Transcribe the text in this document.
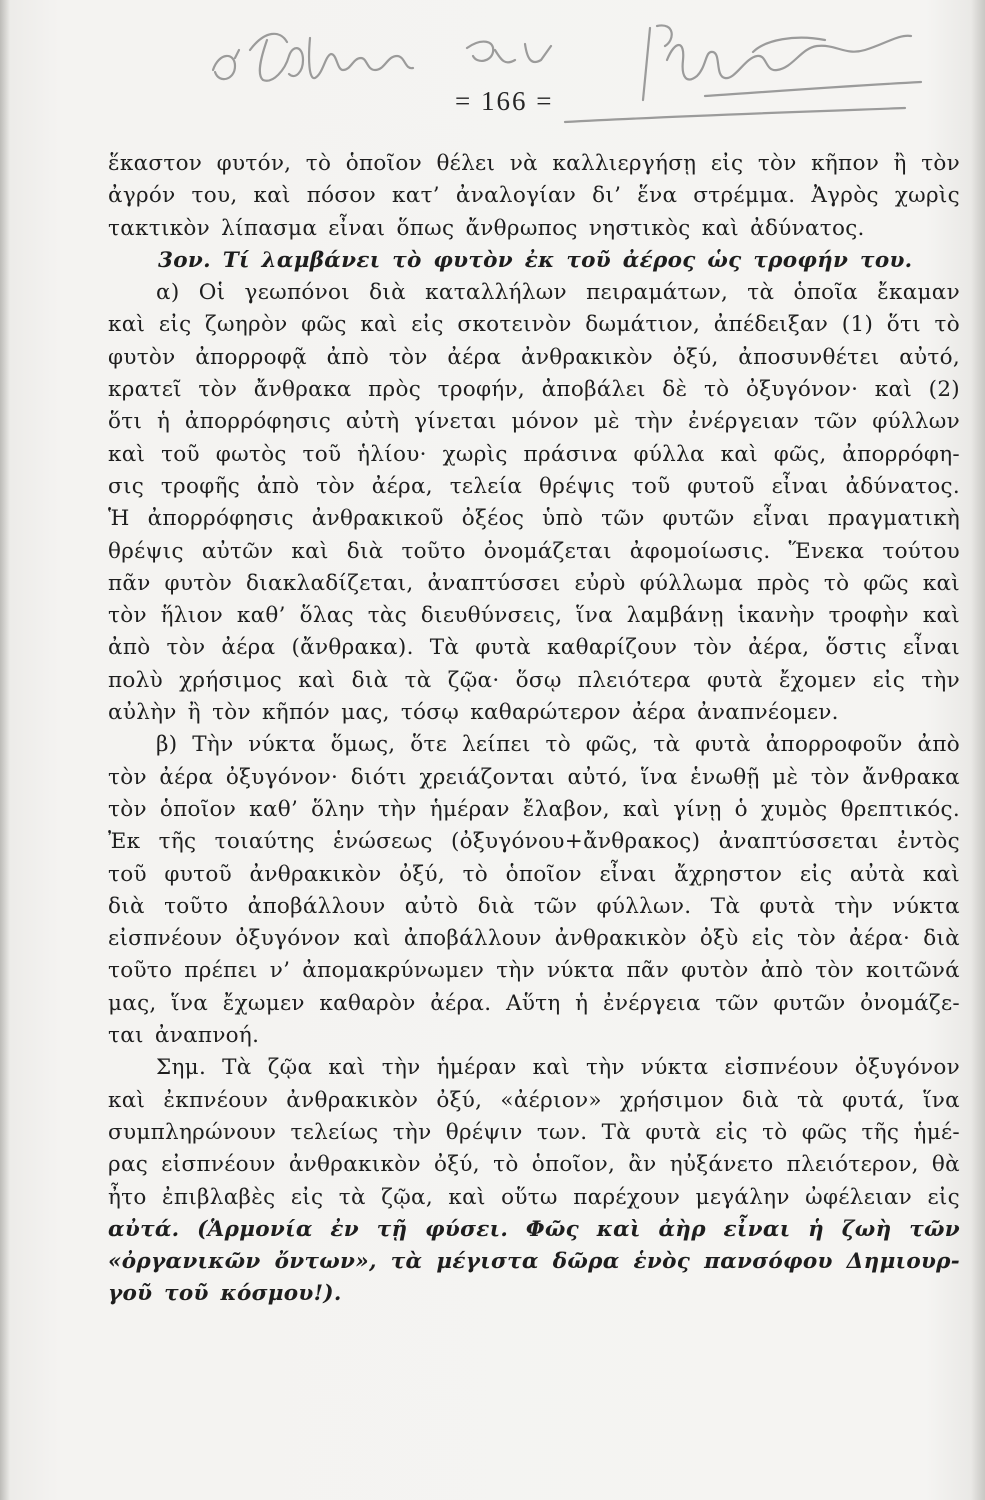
= 166 =
ἕκαστον φυτόν, τὸ ὁποῖον θέλει νὰ καλλιεργήσῃ εἰς τὸν κῆπον ἢ τὸν
ἀγρόν του, καὶ πόσον κατ’ ἀναλογίαν δι’ ἕνα στρέμμα. Ἀγρὸς χωρὶς
τακτικὸν λίπασμα εἶναι ὅπως ἄνθρωπος νηστικὸς καὶ ἀδύνατος.
3ον. Τί λαμβάνει τὸ φυτὸν ἐκ τοῦ ἀέρος ὡς τροφήν του.
α) Οἱ γεωπόνοι διὰ καταλλήλων πειραμάτων, τὰ ὁποῖα ἔκαμαν
καὶ εἰς ζωηρὸν φῶς καὶ εἰς σκοτεινὸν δωμάτιον, ἀπέδειξαν (1) ὅτι τὸ
φυτὸν ἀπορροφᾷ ἀπὸ τὸν ἀέρα ἀνθρακικὸν ὀξύ, ἀποσυνθέτει αὐτό,
κρατεῖ τὸν ἄνθρακα πρὸς τροφήν, ἀποβάλει δὲ τὸ ὀξυγόνον· καὶ (2)
ὅτι ἡ ἀπορρόφησις αὐτὴ γίνεται μόνον μὲ τὴν ἐνέργειαν τῶν φύλλων
καὶ τοῦ φωτὸς τοῦ ἡλίου· χωρὶς πράσινα φύλλα καὶ φῶς, ἀπορρόφη-
σις τροφῆς ἀπὸ τὸν ἀέρα, τελεία θρέψις τοῦ φυτοῦ εἶναι ἀδύνατος.
Ἡ ἀπορρόφησις ἀνθρακικοῦ ὀξέος ὑπὸ τῶν φυτῶν εἶναι πραγματικὴ
θρέψις αὐτῶν καὶ διὰ τοῦτο ὀνομάζεται ἀφομοίωσις. Ἕνεκα τούτου
πᾶν φυτὸν διακλαδίζεται, ἀναπτύσσει εὐρὺ φύλλωμα πρὸς τὸ φῶς καὶ
τὸν ἥλιον καθ’ ὅλας τὰς διευθύνσεις, ἵνα λαμβάνῃ ἱκανὴν τροφὴν καὶ
ἀπὸ τὸν ἀέρα (ἄνθρακα). Τὰ φυτὰ καθαρίζουν τὸν ἀέρα, ὅστις εἶναι
πολὺ χρήσιμος καὶ διὰ τὰ ζῷα· ὅσῳ πλειότερα φυτὰ ἔχομεν εἰς τὴν
αὐλὴν ἢ τὸν κῆπόν μας, τόσῳ καθαρώτερον ἀέρα ἀναπνέομεν.
β) Τὴν νύκτα ὅμως, ὅτε λείπει τὸ φῶς, τὰ φυτὰ ἀπορροφοῦν ἀπὸ
τὸν ἀέρα ὀξυγόνον· διότι χρειάζονται αὐτό, ἵνα ἑνωθῇ μὲ τὸν ἄνθρακα
τὸν ὁποῖον καθ’ ὅλην τὴν ἡμέραν ἔλαβον, καὶ γίνῃ ὁ χυμὸς θρεπτικός.
Ἐκ τῆς τοιαύτης ἑνώσεως (ὀξυγόνου+ἄνθρακος) ἀναπτύσσεται ἐντὸς
τοῦ φυτοῦ ἀνθρακικὸν ὀξύ, τὸ ὁποῖον εἶναι ἄχρηστον εἰς αὐτὰ καὶ
διὰ τοῦτο ἀποβάλλουν αὐτὸ διὰ τῶν φύλλων. Τὰ φυτὰ τὴν νύκτα
εἰσπνέουν ὀξυγόνον καὶ ἀποβάλλουν ἀνθρακικὸν ὀξὺ εἰς τὸν ἀέρα· διὰ
τοῦτο πρέπει ν’ ἀπομακρύνωμεν τὴν νύκτα πᾶν φυτὸν ἀπὸ τὸν κοιτῶνά
μας, ἵνα ἔχωμεν καθαρὸν ἀέρα. Αὕτη ἡ ἐνέργεια τῶν φυτῶν ὀνομάζε-
ται ἀναπνοή.
Σημ. Τὰ ζῷα καὶ τὴν ἡμέραν καὶ τὴν νύκτα εἰσπνέουν ὀξυγόνον
καὶ ἐκπνέουν ἀνθρακικὸν ὀξύ, «ἀέριον» χρήσιμον διὰ τὰ φυτά, ἵνα
συμπληρώνουν τελείως τὴν θρέψιν των. Τὰ φυτὰ εἰς τὸ φῶς τῆς ἡμέ-
ρας εἰσπνέουν ἀνθρακικὸν ὀξύ, τὸ ὁποῖον, ἂν ηὐξάνετο πλειότερον, θὰ
ἦτο ἐπιβλαβὲς εἰς τὰ ζῷα, καὶ οὕτω παρέχουν μεγάλην ὠφέλειαν εἰς
αὐτά. (Ἁρμονία ἐν τῇ φύσει. Φῶς καὶ ἀὴρ εἶναι ἡ ζωὴ τῶν
«ὀργανικῶν ὄντων», τὰ μέγιστα δῶρα ἑνὸς πανσόφου Δημιουρ-
γοῦ τοῦ κόσμου!).
